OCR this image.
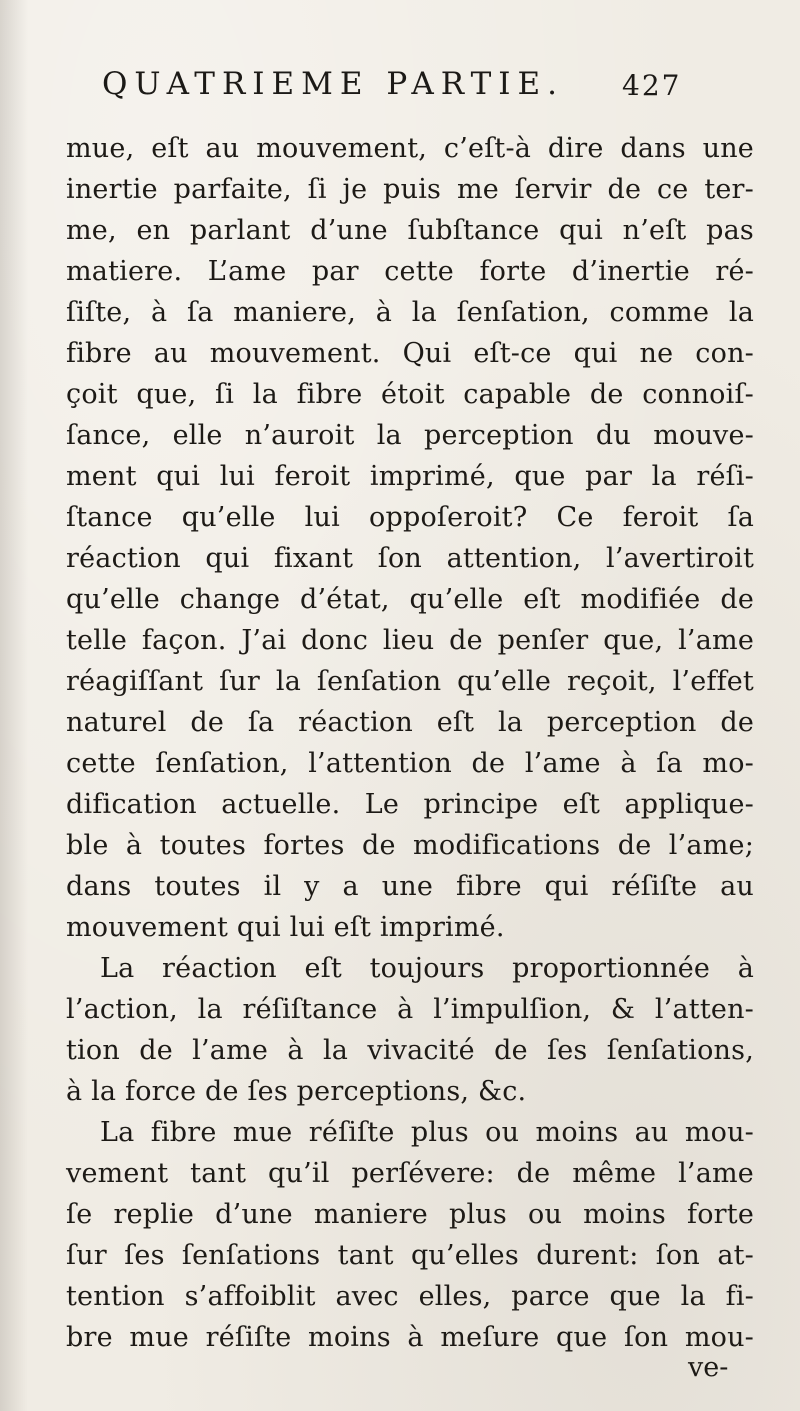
QUATRIEME PARTIE. 427
mue, eſt au mouvement, c’eſt-à dire dans une
inertie parfaite, ſi je puis me ſervir de ce ter-
me, en parlant d’une ſubſtance qui n’eſt pas
matiere. L’ame par cette forte d’inertie ré-
ſiſte, à ſa maniere, à la ſenſation, comme la
fibre au mouvement. Qui eſt-ce qui ne con-
çoit que, ſi la fibre étoit capable de connoiſ-
ſance, elle n’auroit la perception du mouve-
ment qui lui feroit imprimé, que par la réſi-
ſtance qu’elle lui oppoſeroit? Ce feroit ſa
réaction qui fixant ſon attention, l’avertiroit
qu’elle change d’état, qu’elle eſt modifiée de
telle façon. J’ai donc lieu de penſer que, l’ame
réagiſſant ſur la ſenſation qu’elle reçoit, l’effet
naturel de ſa réaction eſt la perception de
cette ſenſation, l’attention de l’ame à ſa mo-
dification actuelle. Le principe eſt applique-
ble à toutes fortes de modifications de l’ame;
dans toutes il y a une fibre qui réſiſte au
mouvement qui lui eſt imprimé.
La réaction eſt toujours proportionnée à
l’action, la réſiſtance à l’impulſion, & l’atten-
tion de l’ame à la vivacité de ſes ſenſations,
à la force de ſes perceptions, &c.
La fibre mue réſiſte plus ou moins au mou-
vement tant qu’il perſévere: de même l’ame
ſe replie d’une maniere plus ou moins forte
ſur ſes ſenſations tant qu’elles durent: ſon at-
tention s’affoiblit avec elles, parce que la fi-
bre mue réſiſte moins à meſure que ſon mou-
ve-
